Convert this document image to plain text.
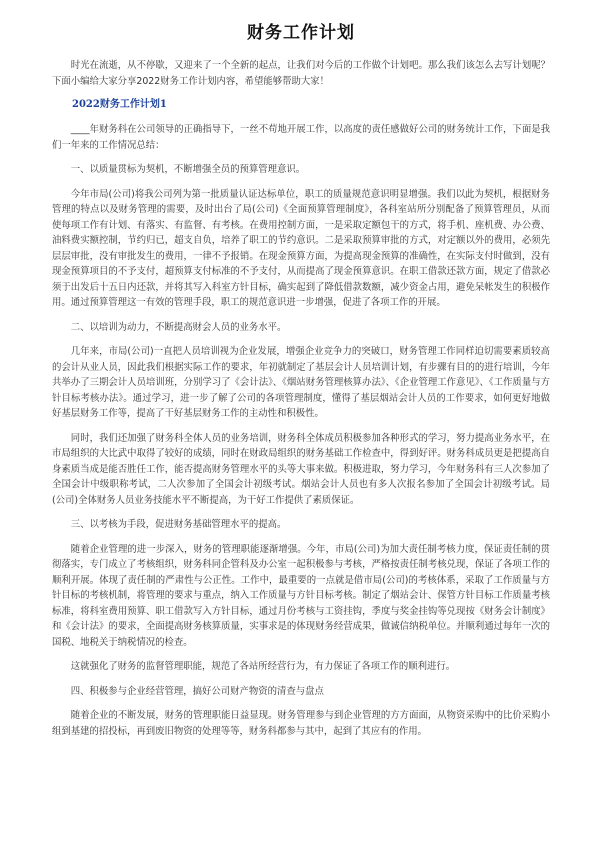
财务工作计划

时光在流逝，从不停歇，又迎来了一个全新的起点，让我们对今后的工作做个计划吧。那么我们该怎么去写计划呢？下面小编给大家分享2022财务工作计划内容，希望能够帮助大家！

2022财务工作计划1

____年财务科在公司领导的正确指导下，一丝不苟地开展工作，以高度的责任感做好公司的财务统计工作，下面是我们一年来的工作情况总结：

一、以质量贯标为契机，不断增强全员的预算管理意识。

今年市局(公司)将我公司列为第一批质量认证达标单位，职工的质量规范意识明显增强。我们以此为契机，根据财务管理的特点以及财务管理的需要，及时出台了局(公司)《全面预算管理制度》，各科室站所分别配备了预算管理员，从而使每项工作有计划、有落实、有监督、有考核。在费用控制方面，一是采取定额包干的方式，将手机、座机费、办公费、油料费实额控制，节约归已，超支自负，培养了职工的节约意识。二是采取预算审批的方式，对定额以外的费用，必须先层层审批，没有审批发生的费用，一律不予报销。在现金预算方面，为提高现金预算的准确性，在实际支付时做到，没有现金预算项目的不予支付，超预算支付标准的不予支付，从而提高了现金预算意识。在职工借款还款方面，规定了借款必须于出发后十五日内还款，并将其写入科室方针目标，确实起到了降低借款数额，减少资金占用，避免呆帐发生的积极作用。通过预算管理这一有效的管理手段，职工的规范意识进一步增强，促进了各项工作的开展。

二、以培训为动力，不断提高财会人员的业务水平。

几年来，市局(公司)一直把人员培训视为企业发展，增强企业竞争力的突破口，财务管理工作同样迫切需要素质较高的会计从业人员，因此我们根据实际工作的要求，年初就制定了基层会计人员培训计划，有步骤有目的的进行培训，今年共举办了三期会计人员培训班，分别学习了《会计法》、《烟站财务管理核算办法》、《企业管理工作意见》、《工作质量与方针目标考核办法》。通过学习，进一步了解了公司的各项管理制度，懂得了基层烟站会计人员的工作要求，如何更好地做好基层财务工作等，提高了干好基层财务工作的主动性和积极性。

同时，我们还加强了财务科全体人员的业务培训，财务科全体成员积极参加各种形式的学习，努力提高业务水平，在市局组织的大比武中取得了较好的成绩，同时在财政局组织的财务基础工作检查中，得到好评。财务科成员更是把提高自身素质当成是能否胜任工作，能否提高财务管理水平的头等大事来做。积极进取，努力学习，今年财务科有三人次参加了全国会计中级职称考试，二人次参加了全国会计初级考试。烟站会计人员也有多人次报名参加了全国会计初级考试。局(公司)全体财务人员业务技能水平不断提高，为干好工作提供了素质保证。

三、以考核为手段，促进财务基础管理水平的提高。

随着企业管理的进一步深入，财务的管理职能逐渐增强。今年，市局(公司)为加大责任制考核力度，保证责任制的贯彻落实，专门成立了考核组织，财务科同企管科及办公室一起积极参与考核，严格按责任制考核兑现，保证了各项工作的顺利开展。体现了责任制的严肃性与公正性。工作中，最重要的一点就是借市局(公司)的考核体系，采取了工作质量与方针目标的考核机制，将管理的要求与重点，纳入工作质量与方针目标考核。制定了烟站会计、保管方针目标工作质量考核标准，将科室费用预算、职工借款写入方针目标，通过月份考核与工资挂钩，季度与奖金挂钩等兑现按《财务会计制度》和《会计法》的要求，全面提高财务核算质量，实事求是的体现财务经营成果，做诚信纳税单位。并顺利通过每年一次的国税、地税关于纳税情况的检查。

这就强化了财务的监督管理职能，规范了各站所经营行为，有力保证了各项工作的顺利进行。

四、积极参与企业经营管理，搞好公司财产物资的清查与盘点

随着企业的不断发展，财务的管理职能日益显现。财务管理参与到企业管理的方方面面，从物资采购中的比价采购小组到基建的招投标，再到废旧物资的处理等等，财务科都参与其中，起到了其应有的作用。
